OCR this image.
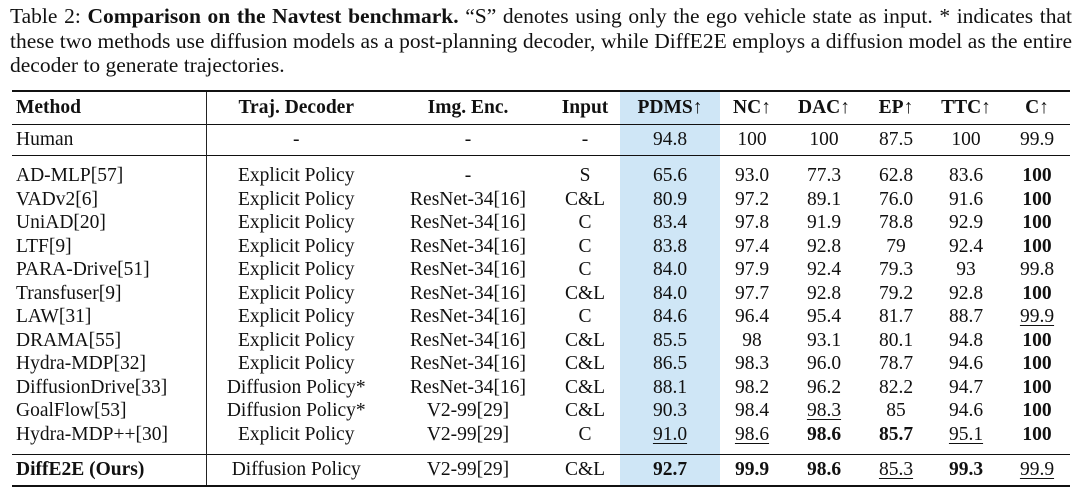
Table 2: Comparison on the Navtest benchmark. “S” denotes using only the ego vehicle state as input. * indicates that these two methods use diffusion models as a post-planning decoder, while DiffE2E employs a diffusion model as the entire decoder to generate trajectories.
Method	Traj. Decoder	Img. Enc.	Input	PDMS↑	NC↑	DAC↑	EP↑	TTC↑	C↑
Human	-	-	-	94.8	100	100	87.5	100	99.9

AD-MLP[57]	Explicit Policy	-	S	65.6	93.0	77.3	62.8	83.6	100
VADv2[6]	Explicit Policy	ResNet-34[16]	C&L	80.9	97.2	89.1	76.0	91.6	100
UniAD[20]	Explicit Policy	ResNet-34[16]	C	83.4	97.8	91.9	78.8	92.9	100
LTF[9]	Explicit Policy	ResNet-34[16]	C	83.8	97.4	92.8	79	92.4	100
PARA-Drive[51]	Explicit Policy	ResNet-34[16]	C	84.0	97.9	92.4	79.3	93	99.8
Transfuser[9]	Explicit Policy	ResNet-34[16]	C&L	84.0	97.7	92.8	79.2	92.8	100
LAW[31]	Explicit Policy	ResNet-34[16]	C	84.6	96.4	95.4	81.7	88.7	99.9
DRAMA[55]	Explicit Policy	ResNet-34[16]	C&L	85.5	98	93.1	80.1	94.8	100
Hydra-MDP[32]	Explicit Policy	ResNet-34[16]	C&L	86.5	98.3	96.0	78.7	94.6	100
DiffusionDrive[33]	Diffusion Policy*	ResNet-34[16]	C&L	88.1	98.2	96.2	82.2	94.7	100
GoalFlow[53]	Diffusion Policy*	V2-99[29]	C&L	90.3	98.4	98.3	85	94.6	100
Hydra-MDP++[30]	Explicit Policy	V2-99[29]	C	91.0	98.6	98.6	85.7	95.1	100

DiffE2E (Ours)	Diffusion Policy	V2-99[29]	C&L	92.7	99.9	98.6	85.3	99.3	99.9
